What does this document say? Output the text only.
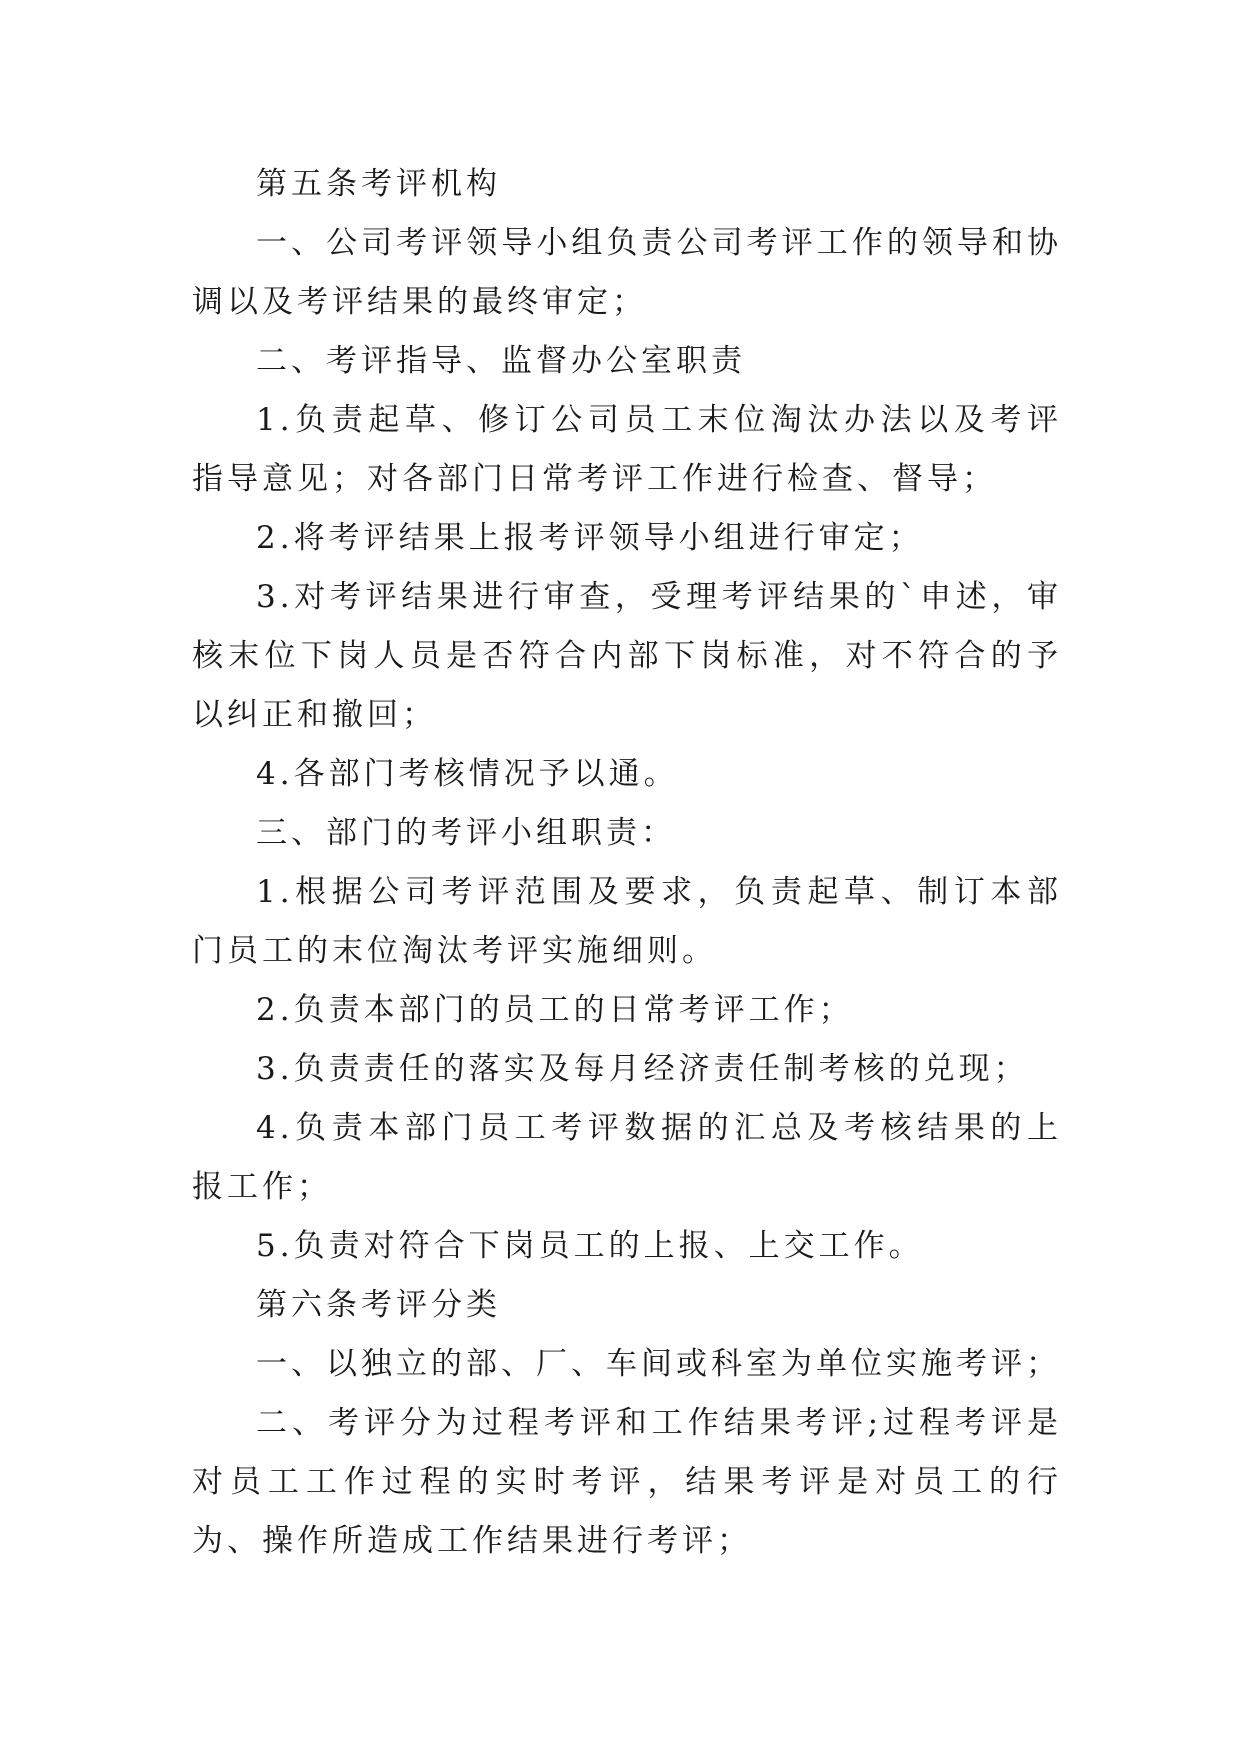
第五条考评机构

一、公司考评领导小组负责公司考评工作的领导和协调以及考评结果的最终审定；

二、考评指导、监督办公室职责

1.负责起草、修订公司员工末位淘汰办法以及考评指导意见；对各部门日常考评工作进行检查、督导；

2.将考评结果上报考评领导小组进行审定；

3.对考评结果进行审查，受理考评结果的`申述，审核末位下岗人员是否符合内部下岗标准，对不符合的予以纠正和撤回；

4.各部门考核情况予以通。

三、部门的考评小组职责：

1.根据公司考评范围及要求，负责起草、制订本部门员工的末位淘汰考评实施细则。

2.负责本部门的员工的日常考评工作；

3.负责责任的落实及每月经济责任制考核的兑现；

4.负责本部门员工考评数据的汇总及考核结果的上报工作；

5.负责对符合下岗员工的上报、上交工作。

第六条考评分类

一、以独立的部、厂、车间或科室为单位实施考评；

二、考评分为过程考评和工作结果考评;过程考评是对员工工作过程的实时考评，结果考评是对员工的行为、操作所造成工作结果进行考评；
